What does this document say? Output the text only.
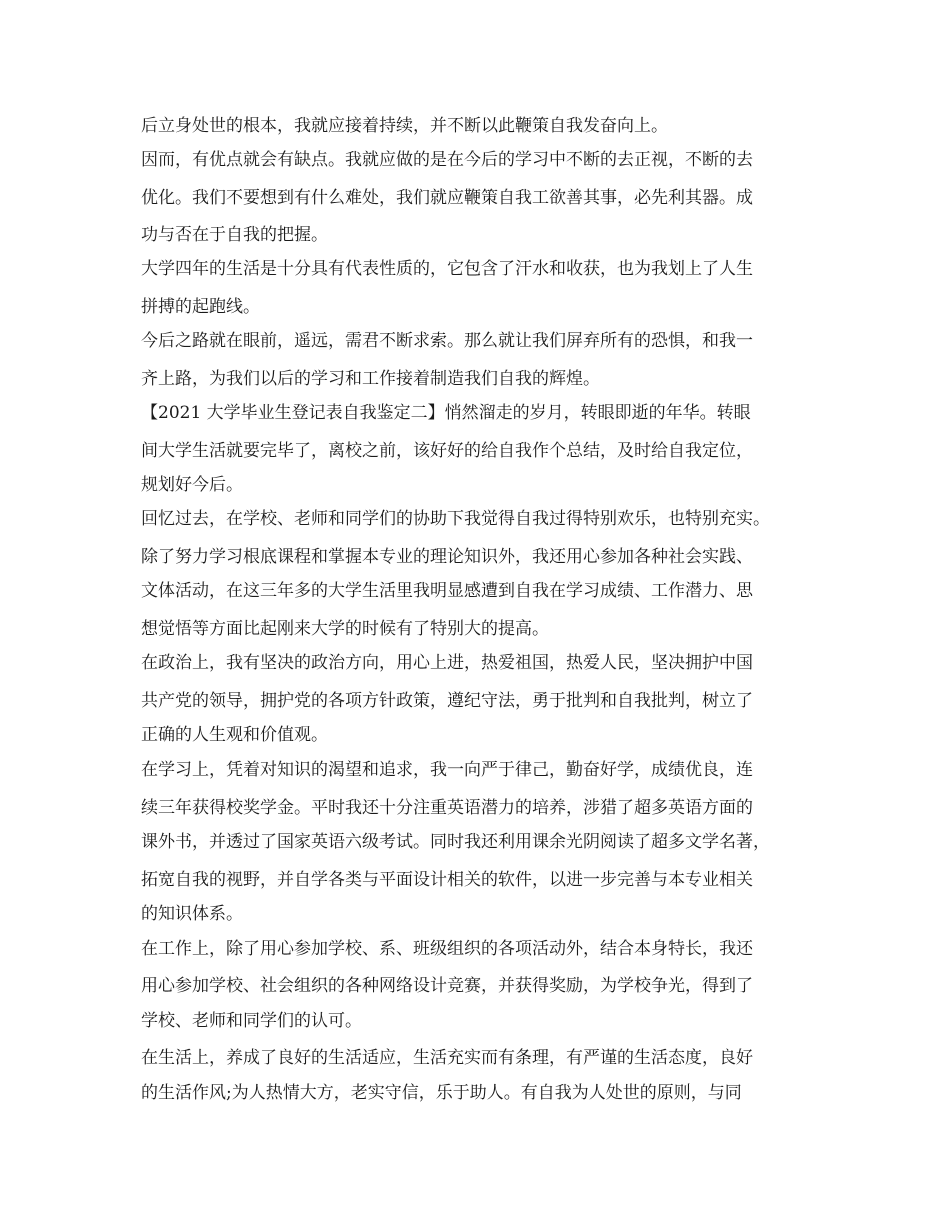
后立身处世的根本，我就应接着持续，并不断以此鞭策自我发奋向上。

因而，有优点就会有缺点。我就应做的是在今后的学习中不断的去正视，不断的去

优化。我们不要想到有什么难处，我们就应鞭策自我工欲善其事，必先利其器。成

功与否在于自我的把握。

大学四年的生活是十分具有代表性质的，它包含了汗水和收获，也为我划上了人生

拼搏的起跑线。

今后之路就在眼前，遥远，需君不断求索。那么就让我们屏弃所有的恐惧，和我一

齐上路，为我们以后的学习和工作接着制造我们自我的辉煌。

【2021 大学毕业生登记表自我鉴定二】悄然溜走的岁月，转眼即逝的年华。转眼

间大学生活就要完毕了，离校之前，该好好的给自我作个总结，及时给自我定位，

规划好今后。

回忆过去，在学校、老师和同学们的协助下我觉得自我过得特别欢乐，也特别充实。

除了努力学习根底课程和掌握本专业的理论知识外，我还用心参加各种社会实践、

文体活动，在这三年多的大学生活里我明显感遭到自我在学习成绩、工作潜力、思

想觉悟等方面比起刚来大学的时候有了特别大的提高。

在政治上，我有坚决的政治方向，用心上进，热爱祖国，热爱人民，坚决拥护中国

共产党的领导，拥护党的各项方针政策，遵纪守法，勇于批判和自我批判，树立了

正确的人生观和价值观。

在学习上，凭着对知识的渴望和追求，我一向严于律己，勤奋好学，成绩优良，连

续三年获得校奖学金。平时我还十分注重英语潜力的培养，涉猎了超多英语方面的

课外书，并透过了国家英语六级考试。同时我还利用课余光阴阅读了超多文学名著，

拓宽自我的视野，并自学各类与平面设计相关的软件，以进一步完善与本专业相关

的知识体系。

在工作上，除了用心参加学校、系、班级组织的各项活动外，结合本身特长，我还

用心参加学校、社会组织的各种网络设计竞赛，并获得奖励，为学校争光，得到了

学校、老师和同学们的认可。

在生活上，养成了良好的生活适应，生活充实而有条理，有严谨的生活态度，良好

的生活作风;为人热情大方，老实守信，乐于助人。有自我为人处世的原则，与同
